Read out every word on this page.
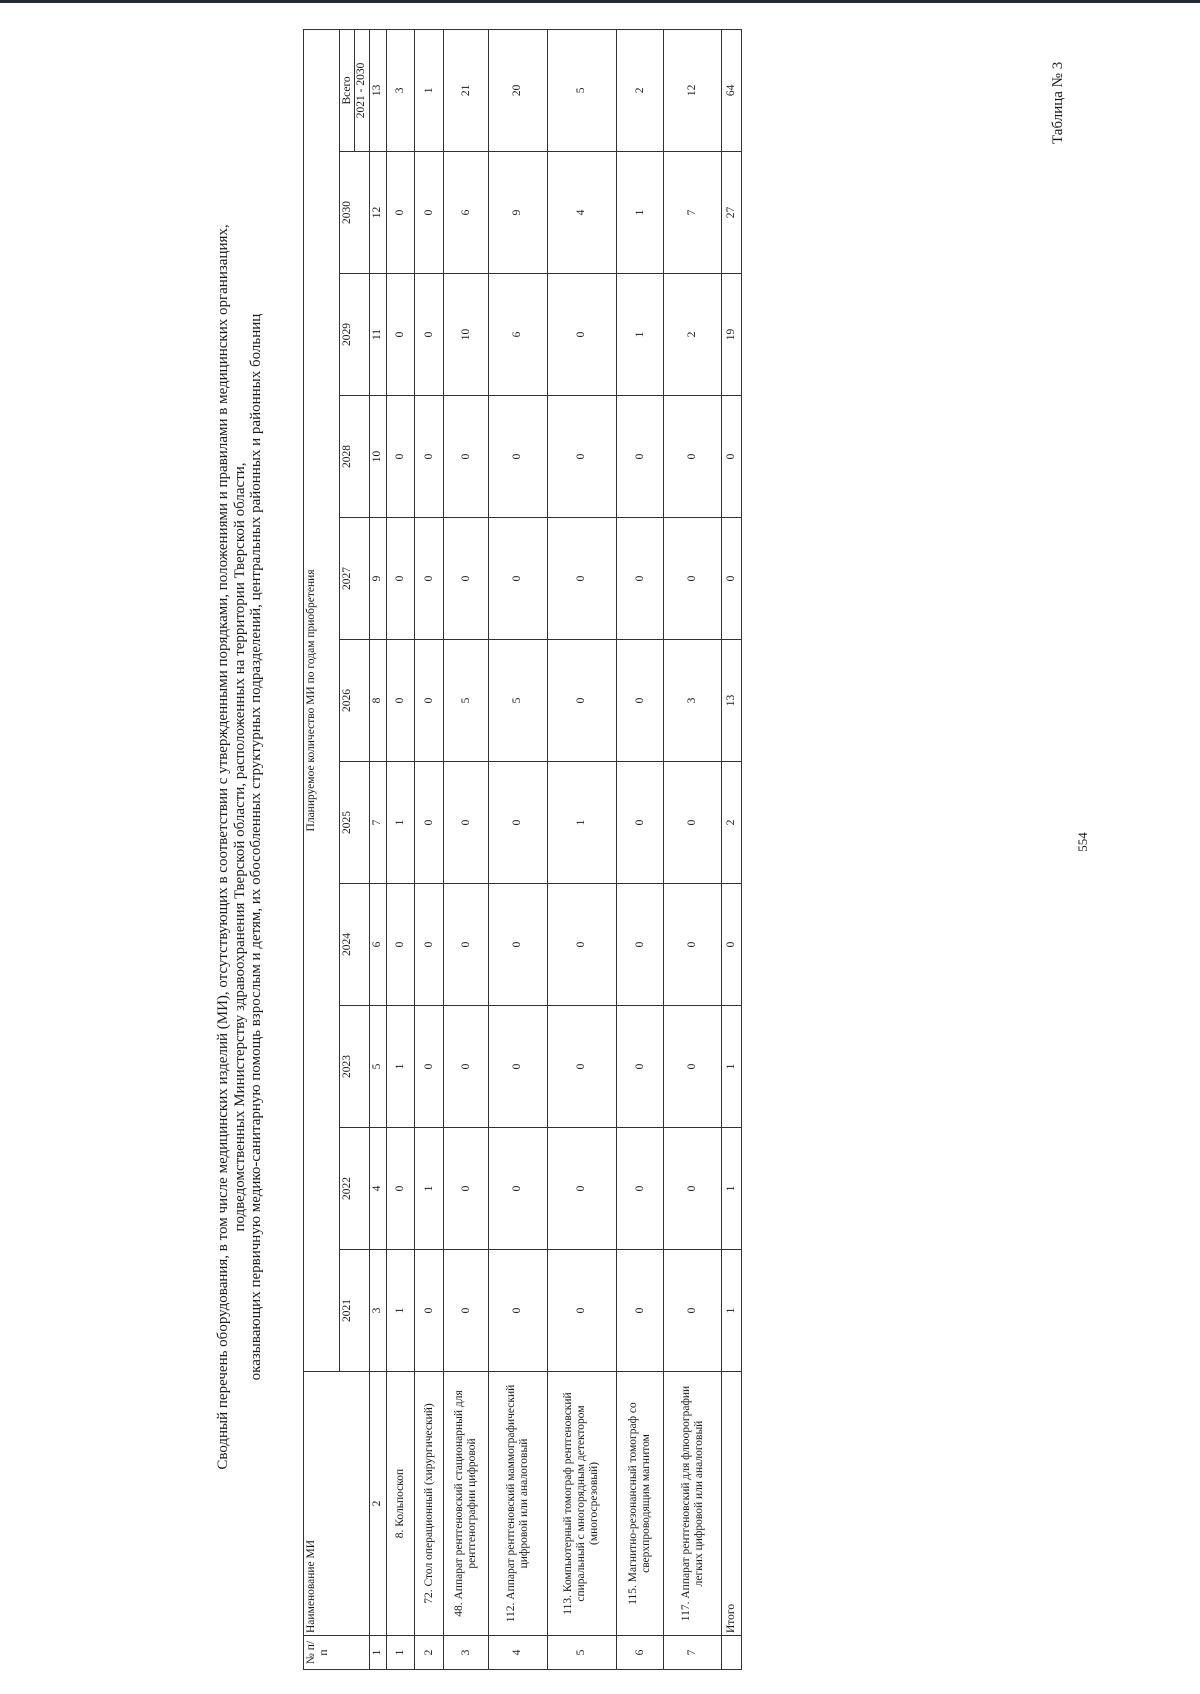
Таблица № 3
554
Сводный перечень оборудования, в том числе медицинских изделий (МИ), отсутствующих в соответствии с утвержденными порядками, положениями и правилами в медицинских организациях, подведомственных Министерству здравоохранения Тверской области, расположенных на территории Тверской области, оказывающих первичную медико-санитарную помощь взрослым и детям, их обособленных структурных подразделений, центральных районных и районных больниц
№ п/п	Наименование МИ	Планируемое количество МИ по годам приобретения										
		2021	2022	2023	2024	2025	2026	2027	2028	2029	2030	Всего 2021 - 2030

1	2	3	4	5	6	7	8	9	10	11	12	13
1	8. Кольпоскоп	1	0	1	0	1	0	0	0	0	0	3
2	72. Стол операционный (хирургический)	0	1	0	0	0	0	0	0	0	0	1
3	48. Аппарат рентгеновский стационарный для рентгенографии цифровой	0	0	0	0	0	5	0	0	10	6	21
4	112. Аппарат рентгеновский маммографический цифровой или аналоговый	0	0	0	0	0	5	0	0	6	9	20
5	113. Компьютерный томограф рентгеновский спиральный с многорядным детектором (многосрезовый)	0	0	0	0	1	0	0	0	0	4	5
6	115. Магнитно-резонансный томограф со сверхпроводящим магнитом	0	0	0	0	0	0	0	0	1	1	2
7	117. Аппарат рентгеновский для флюорографии легких цифровой или аналоговый	0	0	0	0	0	3	0	0	2	7	12
	Итого	1	1	1	0	2	13	0	0	19	27	64
